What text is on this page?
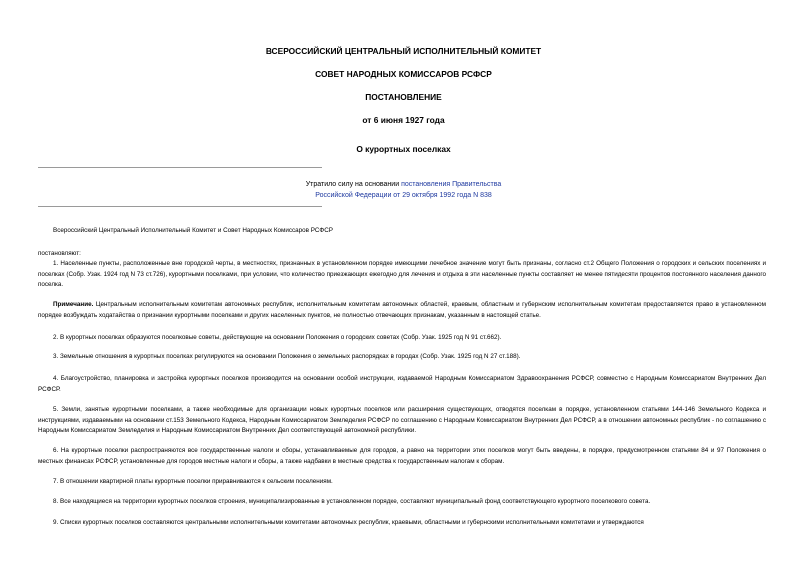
ВСЕРОССИЙСКИЙ ЦЕНТРАЛЬНЫЙ ИСПОЛНИТЕЛЬНЫЙ КОМИТЕТ
СОВЕТ НАРОДНЫХ КОМИССАРОВ РСФСР
ПОСТАНОВЛЕНИЕ
от 6 июня 1927 года
О курортных поселках
Утратило силу на основании постановления Правительства
Российской Федерации от 29 октября 1992 года N 838
Всероссийский Центральный Исполнительный Комитет и Совет Народных Комиссаров РСФСР
постановляют:
1. Населенные пункты, расположенные вне городской черты, в местностях, признанных в установленном порядке имеющими лечебное значение могут быть признаны, согласно ст.2 Общего Положения о городских и сельских поселениях и поселках (Собр. Узак. 1924 год N 73 ст.726), курортными поселками, при условии, что количество приезжающих ежегодно для лечения и отдыха в эти населенные пункты составляет не менее пятидесяти процентов постоянного населения данного поселка.
Примечание. Центральным исполнительным комитетам автономных республик, исполнительным комитетам автономных областей, краевым, областным и губернским исполнительным комитетам предоставляется право в установленном порядке возбуждать ходатайства о признании курортными поселками и других населенных пунктов, не полностью отвечающих признакам, указанным в настоящей статье.
2. В курортных поселках образуются поселковые советы, действующие на основании Положения о городских советах (Собр. Узак. 1925 год N 91 ст.662).
3. Земельные отношения в курортных поселках регулируются на основании Положения о земельных распорядках в городах (Собр. Узак. 1925 год N 27 ст.188).
4. Благоустройство, планировка и застройка курортных поселков производится на основании особой инструкции, издаваемой Народным Комиссариатом Здравоохранения РСФСР, совместно с Народным Комиссариатом Внутренних Дел РСФСР.
5. Земли, занятые курортными поселками, а также необходимые для организации новых курортных поселков или расширения существующих, отводятся поселкам в порядке, установленном статьями 144-146 Земельного Кодекса и инструкциями, издаваемыми на основании ст.153 Земельного Кодекса, Народным Комиссариатом Земледелия РСФСР по соглашению с Народным Комиссариатом Внутренних Дел РСФСР, а в отношении автономных республик - по соглашению с Народным Комиссариатом Земледелия и Народным Комиссариатом Внутренних Дел соответствующей автономной республики.
6. На курортные поселки распространяются все государственные налоги и сборы, устанавливаемые для городов, а равно на территории этих поселков могут быть введены, в порядке, предусмотренном статьями 84 и 97 Положения о местных финансах РСФСР, установленные для городов местные налоги и сборы, а также надбавки в местные средства к государственным налогам к сборам.
7. В отношении квартирной платы курортные поселки приравниваются к сельским поселениям.
8. Все находящиеся на территории курортных поселков строения, муниципализированные в установленном порядке, составляют муниципальный фонд соответствующего курортного поселкового совета.
9. Списки курортных поселков составляются центральными исполнительными комитетами автономных республик, краевыми, областными и губернскими исполнительными комитетами и утверждаются
